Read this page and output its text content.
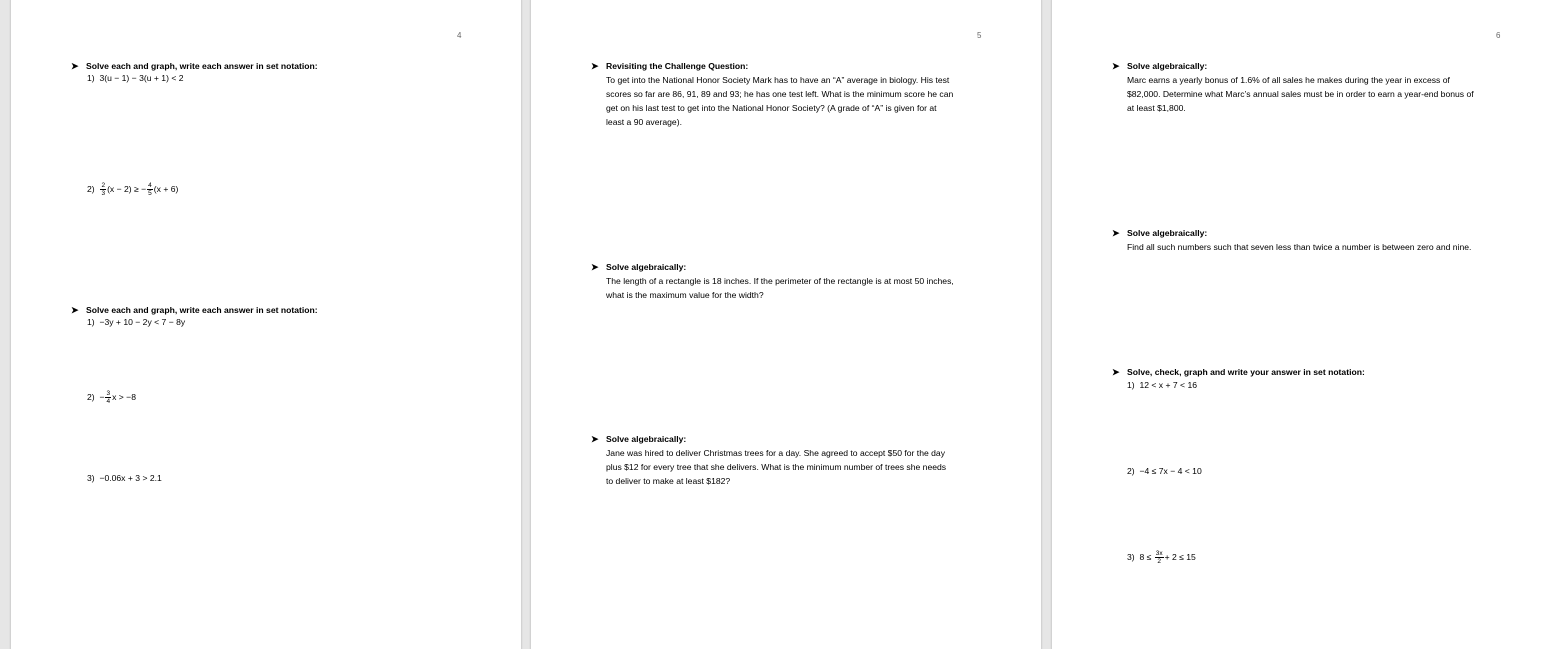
4
➤ Solve each and graph, write each answer in set notation:
1) 3(u − 1) − 3(u + 1) < 2
$2) \frac{2}{3} (x - 2)$ ≥ − $\frac{4}{5} (x + 6)$
➤ Solve each and graph, write each answer in set notation:
1) −3y + 10 − 2y < 7 − 8y
$2) - \frac{3}{4}$ x > −8
3) −0.06x + 3 > 2.1
5
➤ Revisiting the Challenge Question:
To get into the National Honor Society Mark has to have an “A” average in biology. His test
scores so far are 86, 91, 89 and 93; he has one test left. What is the minimum score he can
get on his last test to get into the National Honor Society? (A grade of “A” is given for at
least a 90 average).
➤ Solve algebraically:
The length of a rectangle is 18 inches. If the perimeter of the rectangle is at most 50 inches,
what is the maximum value for the width?
➤ Solve algebraically:
Jane was hired to deliver Christmas trees for a day. She agreed to accept $50 for the day
plus $12 for every tree that she delivers. What is the minimum number of trees she needs
to deliver to make at least $182?
6
➤ Solve algebraically:
Marc earns a yearly bonus of 1.6% of all sales he makes during the year in excess of
$82,000. Determine what Marc’s annual sales must be in order to earn a year-end bonus of
at least $1,800.
➤ Solve algebraically:
Find all such numbers such that seven less than twice a number is between zero and nine.
➤ Solve, check, graph and write your answer in set notation:
1) 12 < x + 7 < 16
2) −4 ≤ 7x − 4 < 10
3) $8 \le \frac{3x}{2} + 2 \le 15$
